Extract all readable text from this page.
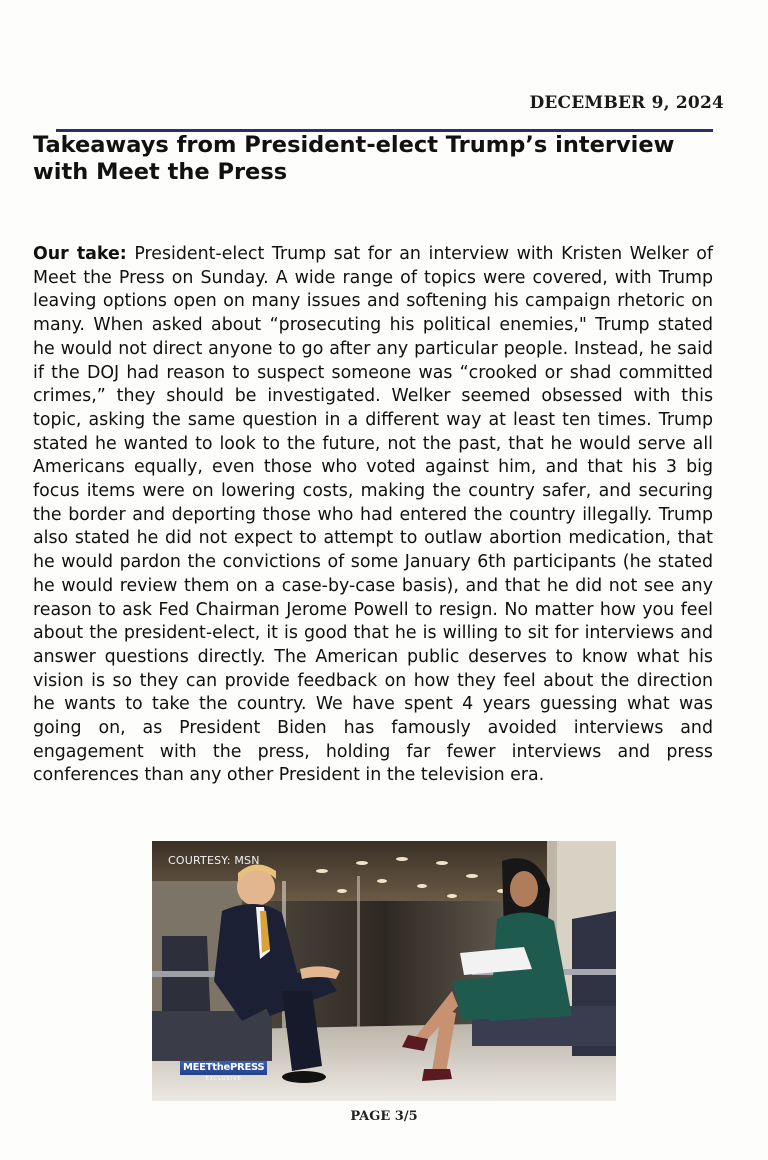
DECEMBER 9, 2024
Takeaways from President-elect Trump’s interview with Meet the Press

Our take: President-elect Trump sat for an interview with Kristen Welker of Meet the Press on Sunday. A wide range of topics were covered, with Trump leaving options open on many issues and softening his campaign rhetoric on many. When asked about “prosecuting his political enemies," Trump stated he would not direct anyone to go after any particular people. Instead, he said if the DOJ had reason to suspect someone was “crooked or shad committed crimes,” they should be investigated. Welker seemed obsessed with this topic, asking the same question in a different way at least ten times. Trump stated he wanted to look to the future, not the past, that he would serve all Americans equally, even those who voted against him, and that his 3 big focus items were on lowering costs, making the country safer, and securing the border and deporting those who had entered the country illegally. Trump also stated he did not expect to attempt to outlaw abortion medication, that he would pardon the convictions of some January 6th participants (he stated he would review them on a case-by-case basis), and that he did not see any reason to ask Fed Chairman Jerome Powell to resign. No matter how you feel about the president-elect, it is good that he is willing to sit for interviews and answer questions directly. The American public deserves to know what his vision is so they can provide feedback on how they feel about the direction he wants to take the country. We have spent 4 years guessing what was going on, as President Biden has famously avoided interviews and engagement with the press, holding far fewer interviews and press conferences than any other President in the television era.

COURTESY: MSN
MEETthePRESS
EXCLUSIVE
PAGE 3/5
